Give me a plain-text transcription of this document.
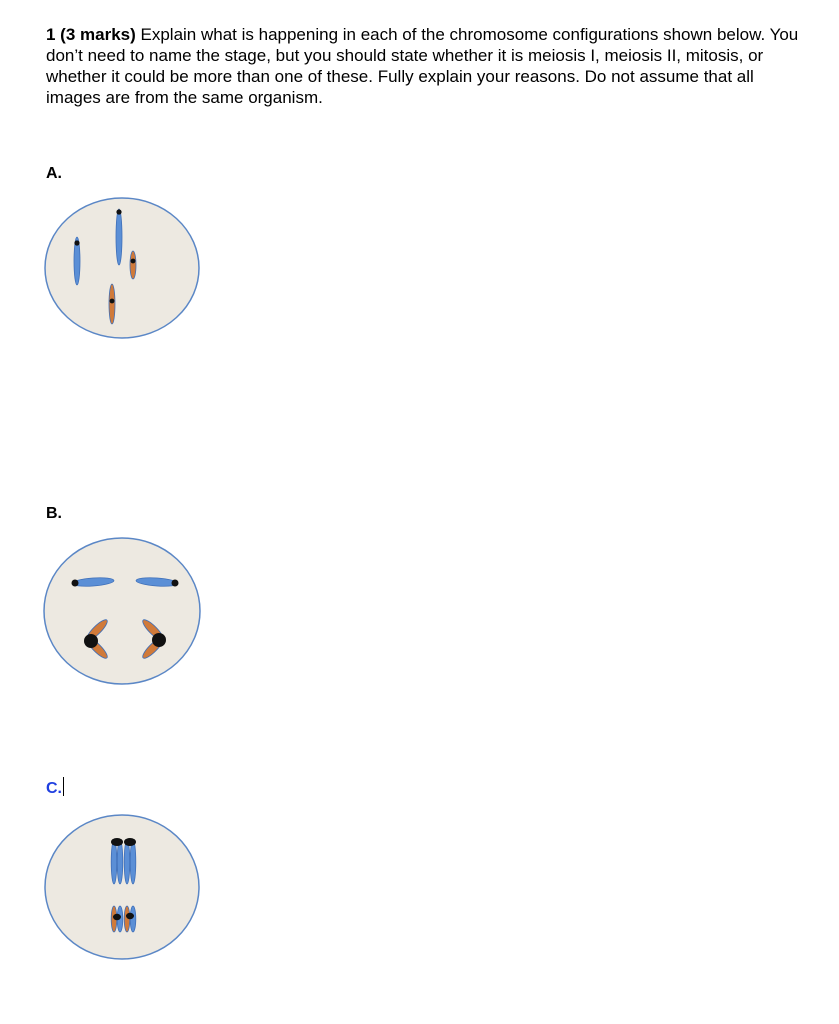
1 (3 marks) Explain what is happening in each of the chromosome configurations shown below. You don’t need to name the stage, but you should state whether it is meiosis I, meiosis II, mitosis, or whether it could be more than one of these. Fully explain your reasons. Do not assume that all images are from the same organism.
A.
B.
C.
